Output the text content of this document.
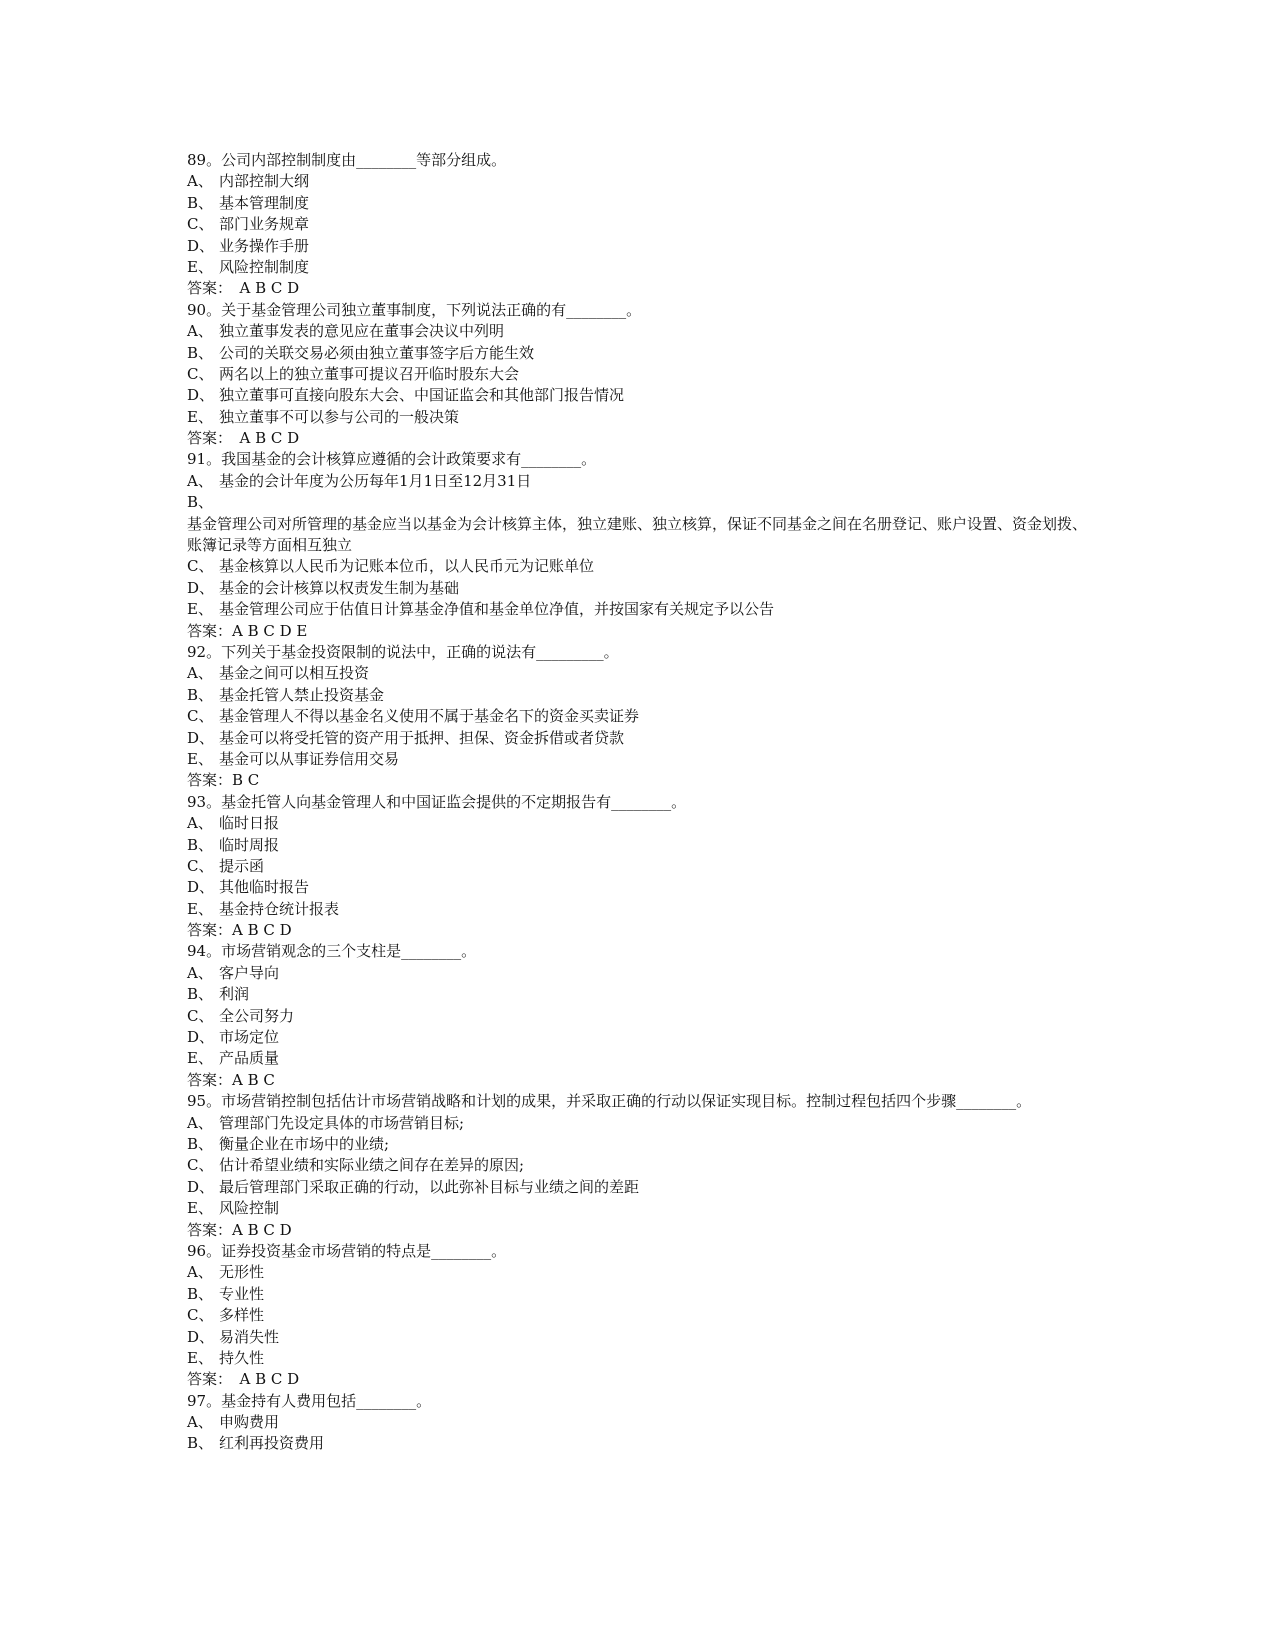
89。公司内部控制制度由________等部分组成。
A、 内部控制大纲
B、 基本管理制度
C、 部门业务规章
D、 业务操作手册
E、 风险控制制度
答案：　A B C D
90。关于基金管理公司独立董事制度，下列说法正确的有________。
A、 独立董事发表的意见应在董事会决议中列明
B、 公司的关联交易必须由独立董事签字后方能生效
C、 两名以上的独立董事可提议召开临时股东大会
D、 独立董事可直接向股东大会、中国证监会和其他部门报告情况
E、 独立董事不可以参与公司的一般决策
答案：　A B C D
91。我国基金的会计核算应遵循的会计政策要求有________。
A、 基金的会计年度为公历每年1月1日至12月31日
B、
基金管理公司对所管理的基金应当以基金为会计核算主体，独立建账、独立核算，保证不同基金之间在名册登记、账户设置、资金划拨、账簿记录等方面相互独立
C、 基金核算以人民币为记账本位币，以人民币元为记账单位
D、 基金的会计核算以权责发生制为基础
E、 基金管理公司应于估值日计算基金净值和基金单位净值，并按国家有关规定予以公告
答案：A B C D E
92。下列关于基金投资限制的说法中，正确的说法有_________。
A、 基金之间可以相互投资
B、 基金托管人禁止投资基金
C、 基金管理人不得以基金名义使用不属于基金名下的资金买卖证券
D、 基金可以将受托管的资产用于抵押、担保、资金拆借或者贷款
E、 基金可以从事证券信用交易
答案：B C
93。基金托管人向基金管理人和中国证监会提供的不定期报告有________。
A、 临时日报
B、 临时周报
C、 提示函
D、 其他临时报告
E、 基金持仓统计报表
答案：A B C D
94。市场营销观念的三个支柱是________。
A、 客户导向
B、 利润
C、 全公司努力
D、 市场定位
E、 产品质量
答案：A B C
95。市场营销控制包括估计市场营销战略和计划的成果，并采取正确的行动以保证实现目标。控制过程包括四个步骤________。
A、 管理部门先设定具体的市场营销目标;
B、 衡量企业在市场中的业绩;
C、 估计希望业绩和实际业绩之间存在差异的原因;
D、 最后管理部门采取正确的行动，以此弥补目标与业绩之间的差距
E、 风险控制
答案：A B C D
96。证券投资基金市场营销的特点是________。
A、 无形性
B、 专业性
C、 多样性
D、 易消失性
E、 持久性
答案：　A B C D
97。基金持有人费用包括________。
A、 申购费用
B、 红利再投资费用
